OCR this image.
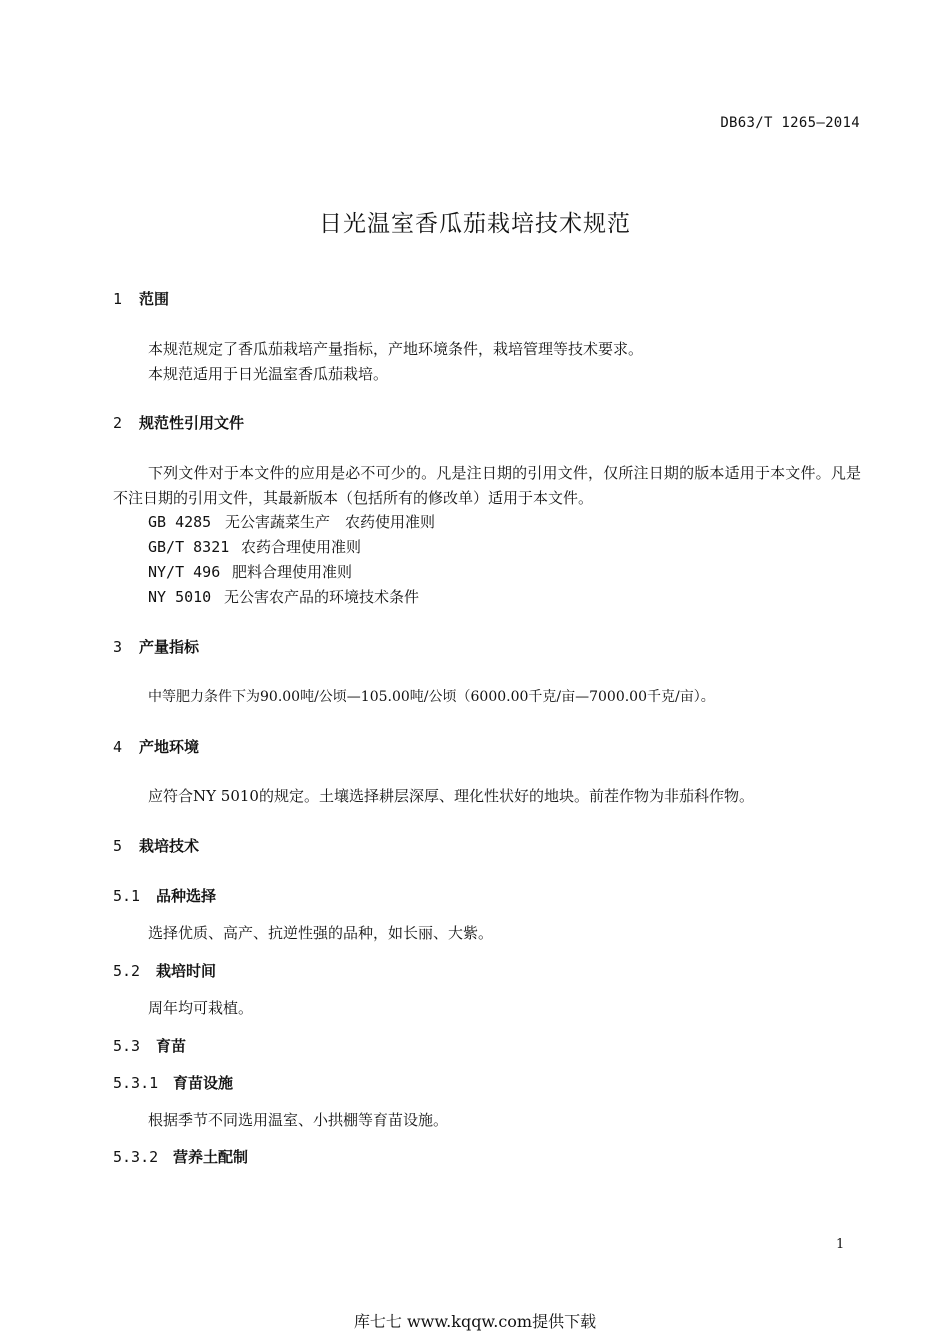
DB63/T 1265—2014
日光温室香瓜茄栽培技术规范
1 范围
本规范规定了香瓜茄栽培产量指标，产地环境条件，栽培管理等技术要求。
本规范适用于日光温室香瓜茄栽培。
2 规范性引用文件
下列文件对于本文件的应用是必不可少的。凡是注日期的引用文件，仅所注日期的版本适用于本文件。凡是不注日期的引用文件，其最新版本（包括所有的修改单）适用于本文件。
GB 4285 无公害蔬菜生产　农药使用准则
GB/T 8321 农药合理使用准则
NY/T 496 肥料合理使用准则
NY 5010 无公害农产品的环境技术条件
3 产量指标
中等肥力条件下为90.00吨/公顷—105.00吨/公顷（6000.00千克/亩—7000.00千克/亩）。
4 产地环境
应符合NY 5010的规定。土壤选择耕层深厚、理化性状好的地块。前茬作物为非茄科作物。
5 栽培技术
5.1 品种选择
选择优质、高产、抗逆性强的品种，如长丽、大紫。
5.2 栽培时间
周年均可栽植。
5.3 育苗
5.3.1 育苗设施
根据季节不同选用温室、小拱棚等育苗设施。
5.3.2 营养土配制
1
库七七 www.kqqw.com提供下载
